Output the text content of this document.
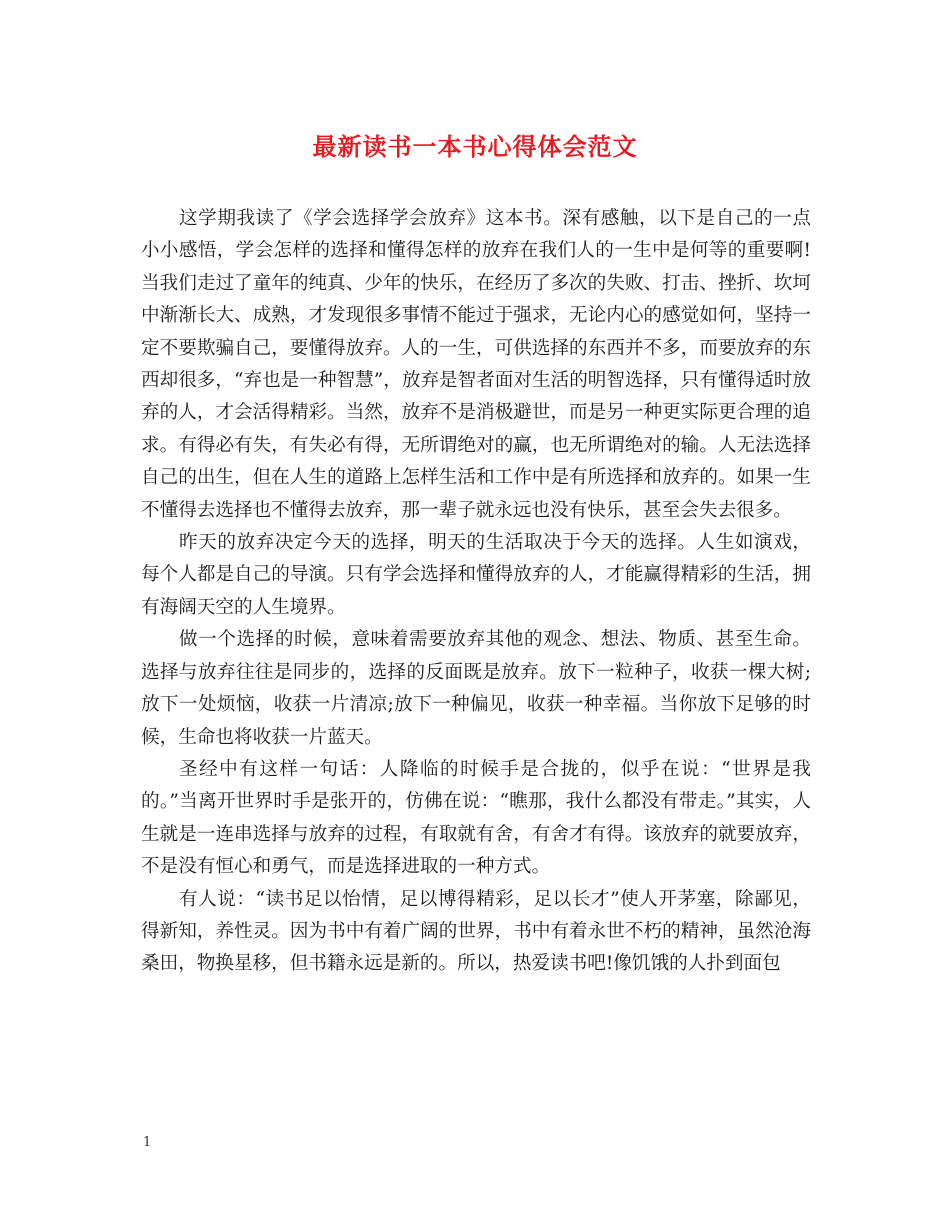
最新读书一本书心得体会范文

这学期我读了《学会选择学会放弃》这本书。深有感触，以下是自己的一点小小感悟，学会怎样的选择和懂得怎样的放弃在我们人的一生中是何等的重要啊!当我们走过了童年的纯真、少年的快乐，在经历了多次的失败、打击、挫折、坎坷中渐渐长大、成熟，才发现很多事情不能过于强求，无论内心的感觉如何，坚持一定不要欺骗自己，要懂得放弃。人的一生，可供选择的东西并不多，而要放弃的东西却很多，“弃也是一种智慧”，放弃是智者面对生活的明智选择，只有懂得适时放弃的人，才会活得精彩。当然，放弃不是消极避世，而是另一种更实际更合理的追求。有得必有失，有失必有得，无所谓绝对的赢，也无所谓绝对的输。人无法选择自己的出生，但在人生的道路上怎样生活和工作中是有所选择和放弃的。如果一生不懂得去选择也不懂得去放弃，那一辈子就永远也没有快乐，甚至会失去很多。

昨天的放弃决定今天的选择，明天的生活取决于今天的选择。人生如演戏，每个人都是自己的导演。只有学会选择和懂得放弃的人，才能赢得精彩的生活，拥有海阔天空的人生境界。

做一个选择的时候，意味着需要放弃其他的观念、想法、物质、甚至生命。选择与放弃往往是同步的，选择的反面既是放弃。放下一粒种子，收获一棵大树;放下一处烦恼，收获一片清凉;放下一种偏见，收获一种幸福。当你放下足够的时候，生命也将收获一片蓝天。

圣经中有这样一句话：人降临的时候手是合拢的，似乎在说：“世界是我的。”当离开世界时手是张开的，仿佛在说：“瞧那，我什么都没有带走。”其实，人生就是一连串选择与放弃的过程，有取就有舍，有舍才有得。该放弃的就要放弃，不是没有恒心和勇气，而是选择进取的一种方式。

有人说：“读书足以怡情，足以博得精彩，足以长才”使人开茅塞，除鄙见，得新知，养性灵。因为书中有着广阔的世界，书中有着永世不朽的精神，虽然沧海桑田，物换星移，但书籍永远是新的。所以，热爱读书吧!像饥饿的人扑到面包

1
